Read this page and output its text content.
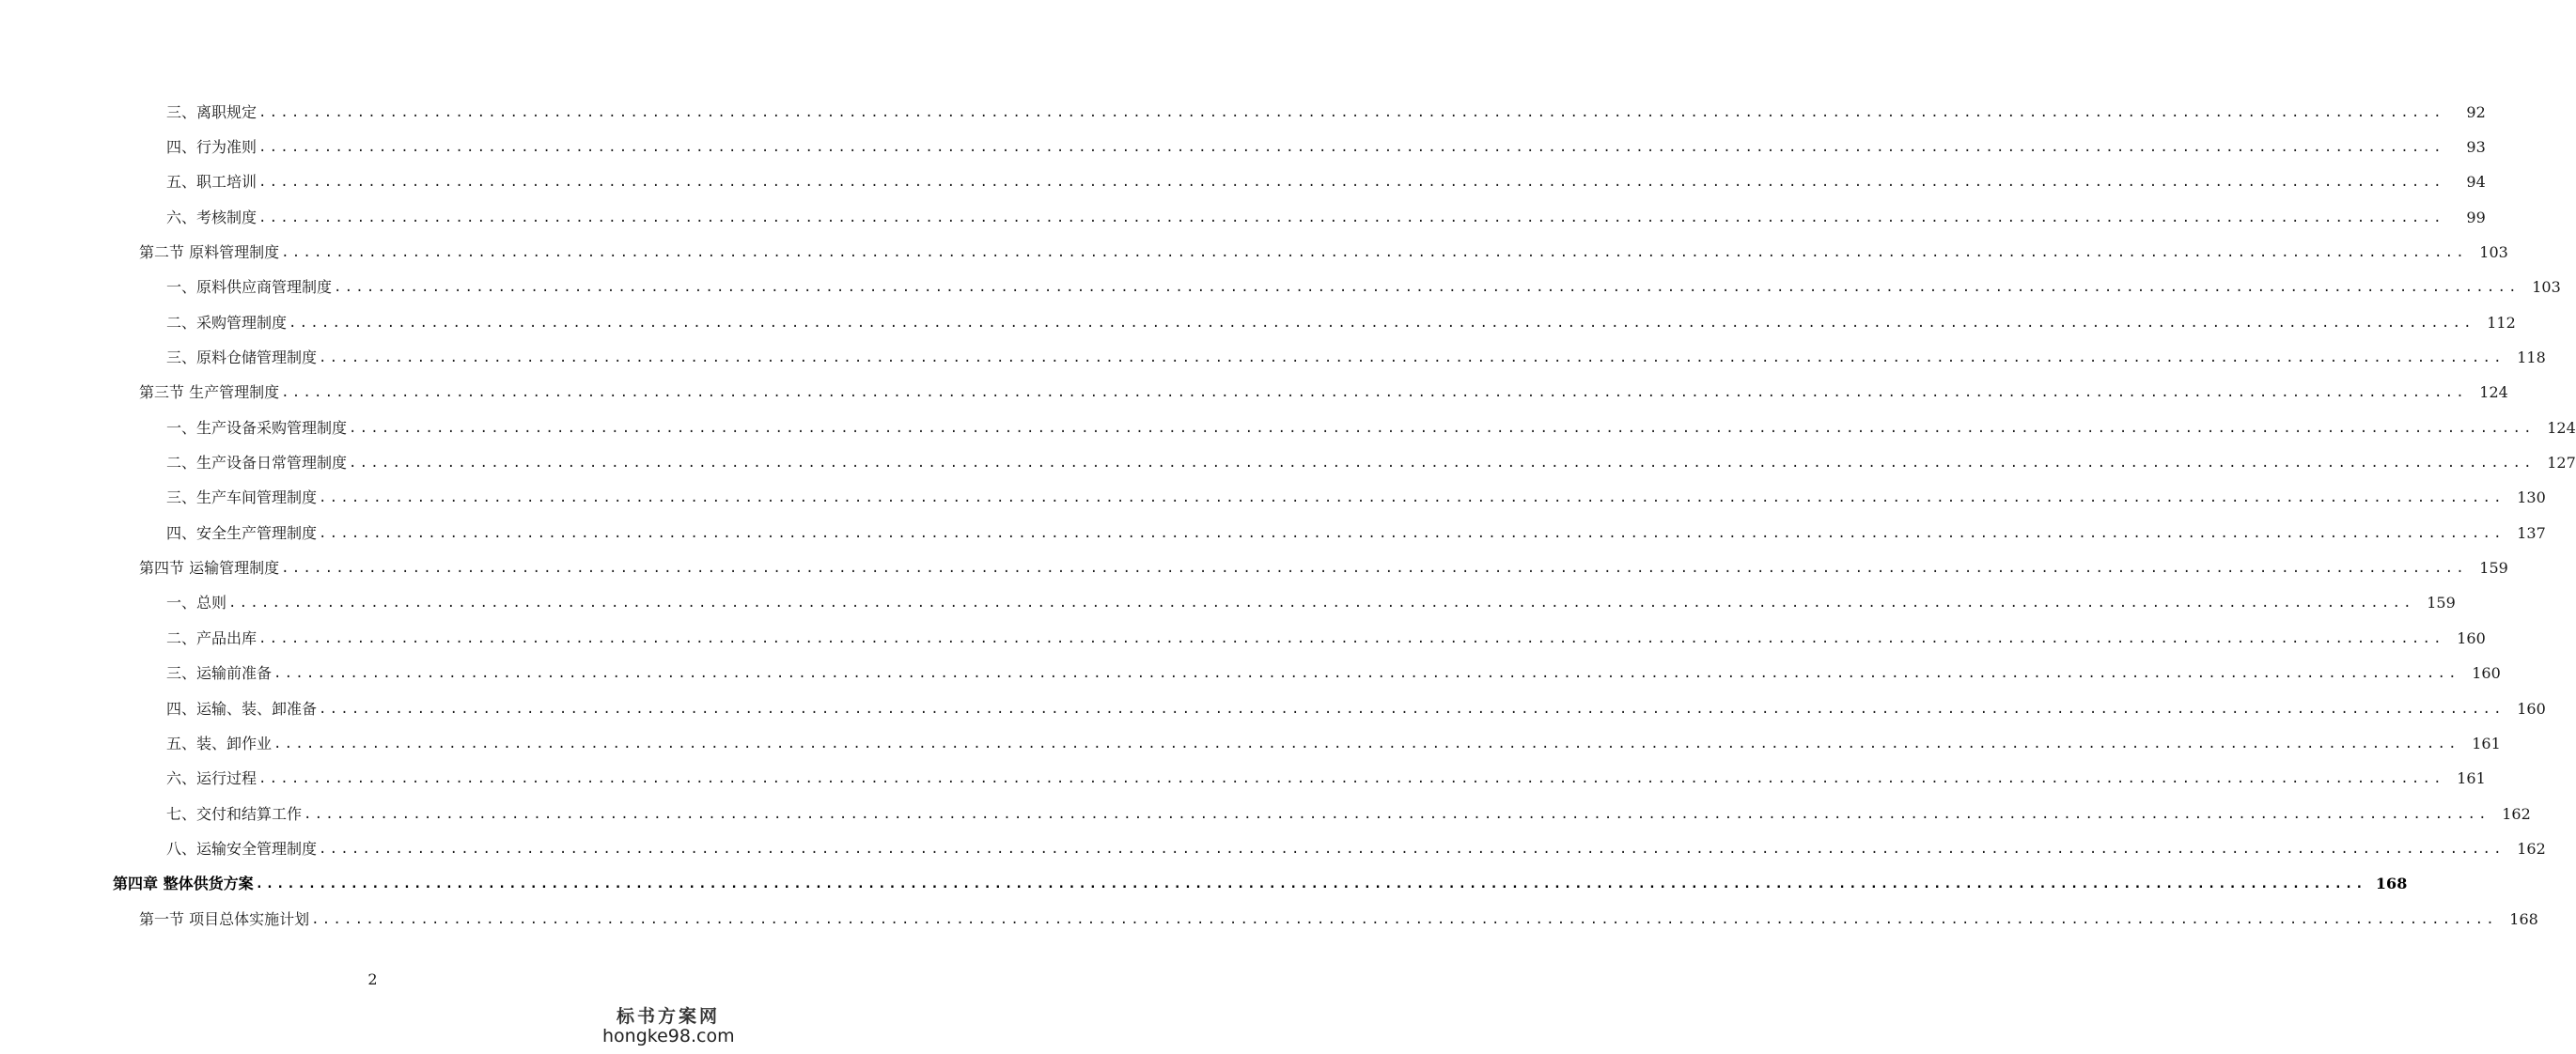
三、离职规定 ........................................................................................................................................................................................................	92
四、行为准则 ........................................................................................................................................................................................................	93
五、职工培训 ........................................................................................................................................................................................................	94
六、考核制度 ........................................................................................................................................................................................................	99
第二节 原料管理制度 ........................................................................................................................................................................................................ 103
一、原料供应商管理制度 ........................................................................................................................................................................................................ 103
二、采购管理制度 ........................................................................................................................................................................................................ 112
三、原料仓储管理制度 ........................................................................................................................................................................................................ 118
第三节 生产管理制度 ........................................................................................................................................................................................................ 124
一、生产设备采购管理制度 ........................................................................................................................................................................................................ 124
二、生产设备日常管理制度 ........................................................................................................................................................................................................ 127
三、生产车间管理制度 ........................................................................................................................................................................................................ 130
四、安全生产管理制度 ........................................................................................................................................................................................................ 137
第四节 运输管理制度 ........................................................................................................................................................................................................ 159
一、总则 ........................................................................................................................................................................................................ 159
二、产品出库 ........................................................................................................................................................................................................ 160
三、运输前准备 ........................................................................................................................................................................................................ 160
四、运输、装、卸准备 ........................................................................................................................................................................................................ 160
五、装、卸作业 ........................................................................................................................................................................................................ 161
六、运行过程 ........................................................................................................................................................................................................ 161
七、交付和结算工作 ........................................................................................................................................................................................................ 162
八、运输安全管理制度 ........................................................................................................................................................................................................ 162
第四章 整体供货方案 ........................................................................................................................................................................................................ 168
第一节 项目总体实施计划 ........................................................................................................................................................................................................ 168
2
标书方案网
hongke98.com
